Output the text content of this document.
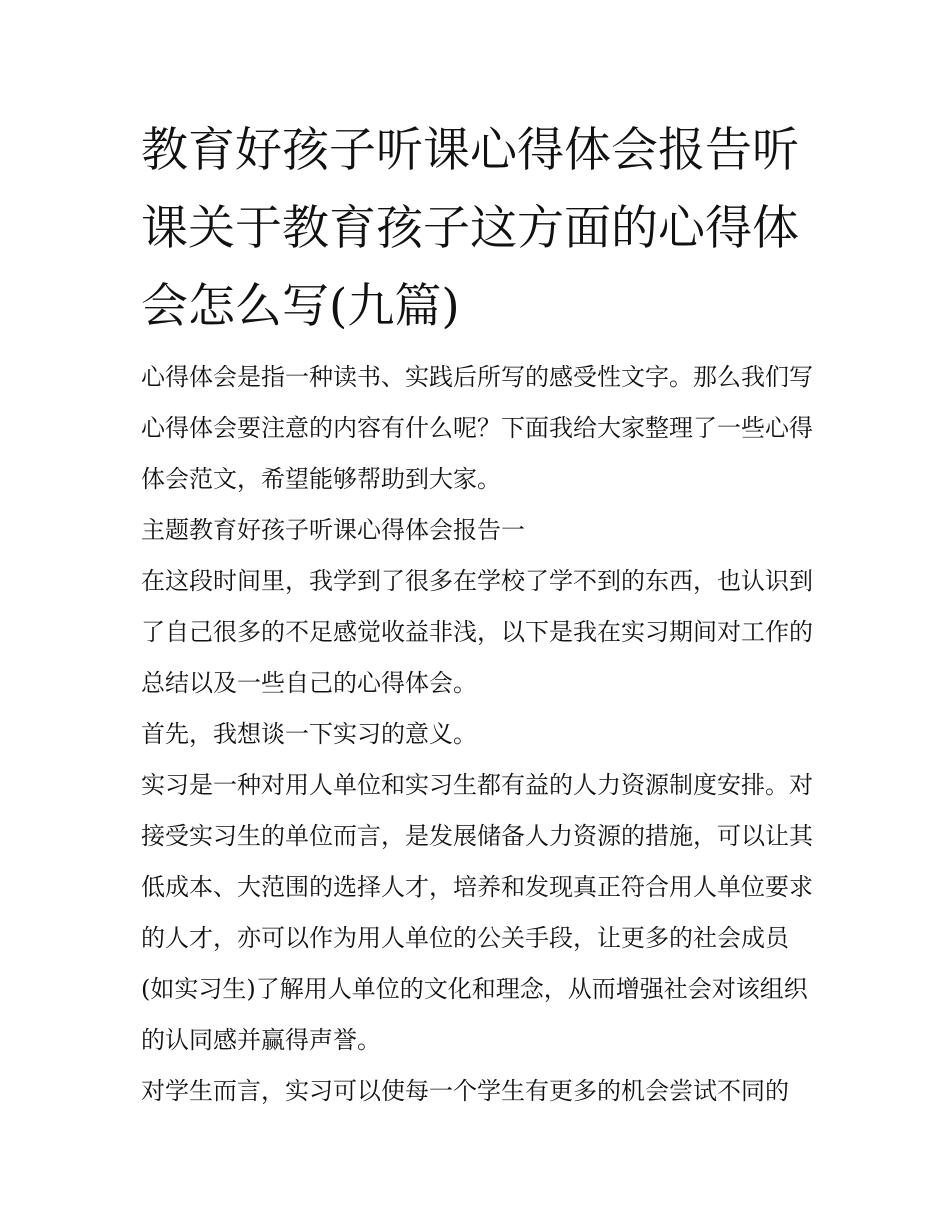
教育好孩子听课心得体会报告听课关于教育孩子这方面的心得体会怎么写(九篇)

心得体会是指一种读书、实践后所写的感受性文字。那么我们写心得体会要注意的内容有什么呢？下面我给大家整理了一些心得体会范文，希望能够帮助到大家。

主题教育好孩子听课心得体会报告一

在这段时间里，我学到了很多在学校了学不到的东西，也认识到了自己很多的不足感觉收益非浅，以下是我在实习期间对工作的总结以及一些自己的心得体会。

首先，我想谈一下实习的意义。

实习是一种对用人单位和实习生都有益的人力资源制度安排。对接受实习生的单位而言，是发展储备人力资源的措施，可以让其低成本、大范围的选择人才，培养和发现真正符合用人单位要求的人才，亦可以作为用人单位的公关手段，让更多的社会成员(如实习生)了解用人单位的文化和理念，从而增强社会对该组织的认同感并赢得声誉。

对学生而言，实习可以使每一个学生有更多的机会尝试不同的
